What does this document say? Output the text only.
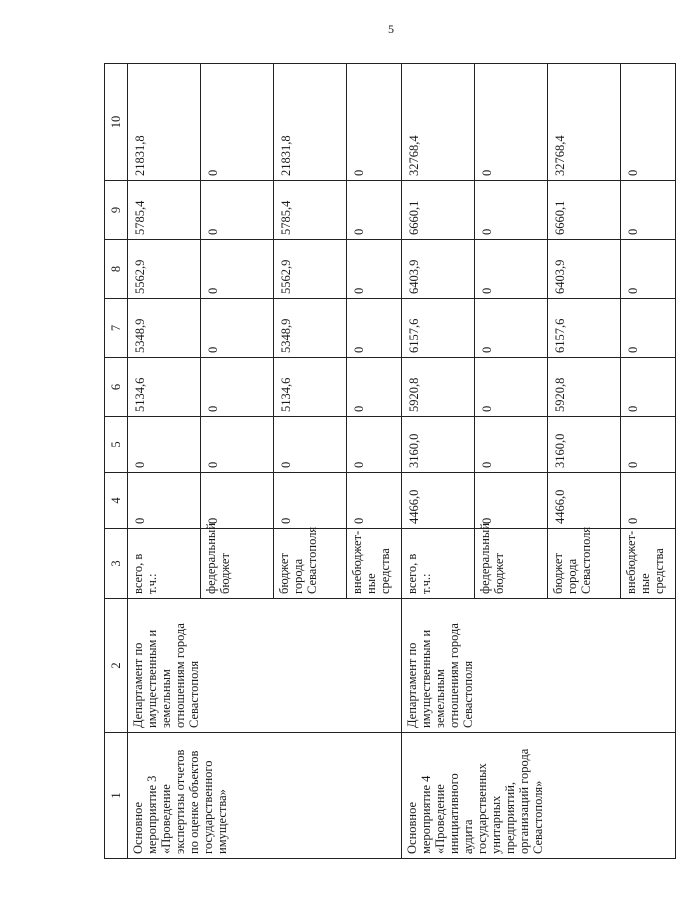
5
1	2	3	4	5	6	7	8	9	10
Основное мероприятие 3 «Проведение экспертизы отчетов по оценке объектов государственного имущества»	Департамент по имущественным и земельным отношениям города Севастополя	всего, в т.ч.:	0	0	5134,6	5348,9	5562,9	5785,4	21831,8
		федеральный бюджет	0	0	0	0	0	0	0
		бюджет города Севастополя	0	0	5134,6	5348,9	5562,9	5785,4	21831,8
		внебюджет-ные средства	0	0	0	0	0	0	0
Основное мероприятие 4 «Проведение инициативного аудита государственных унитарных предприятий, организаций города Севастополя»	Департамент по имущественным и земельным отношениям города Севастополя	всего, в т.ч.:	4466,0	3160,0	5920,8	6157,6	6403,9	6660,1	32768,4
		федеральный бюджет	0	0	0	0	0	0	0
		бюджет города Севастополя	4466,0	3160,0	5920,8	6157,6	6403,9	6660,1	32768,4
		внебюджет-ные средства	0	0	0	0	0	0	0
